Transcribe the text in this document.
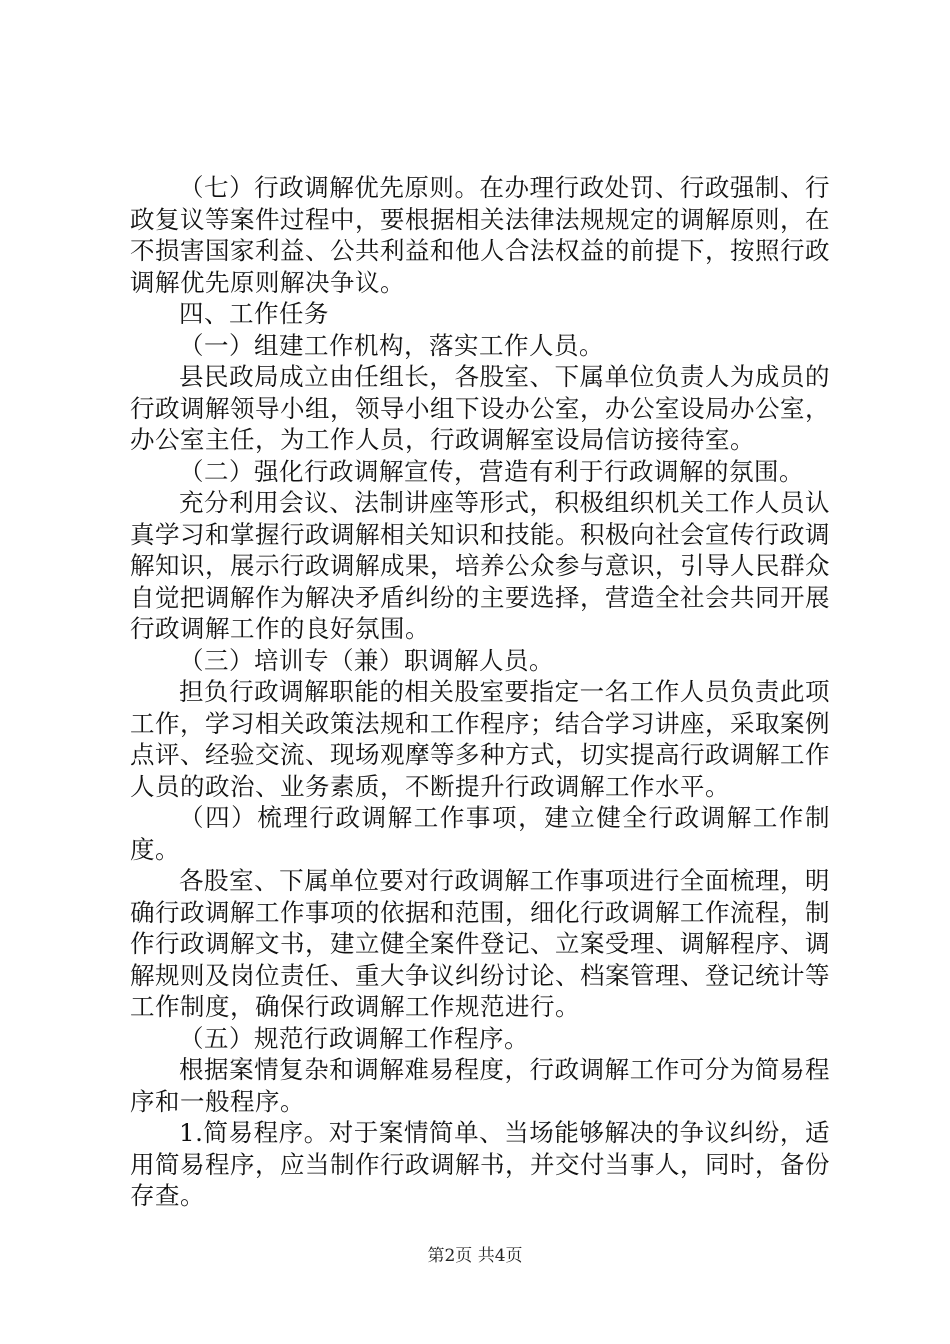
（七）行政调解优先原则。在办理行政处罚、行政强制、行政复议等案件过程中，要根据相关法律法规规定的调解原则，在不损害国家利益、公共利益和他人合法权益的前提下，按照行政调解优先原则解决争议。

四、工作任务

（一）组建工作机构，落实工作人员。

县民政局成立由任组长，各股室、下属单位负责人为成员的行政调解领导小组，领导小组下设办公室，办公室设局办公室，办公室主任，为工作人员，行政调解室设局信访接待室。

（二）强化行政调解宣传，营造有利于行政调解的氛围。

充分利用会议、法制讲座等形式，积极组织机关工作人员认真学习和掌握行政调解相关知识和技能。积极向社会宣传行政调解知识，展示行政调解成果，培养公众参与意识，引导人民群众自觉把调解作为解决矛盾纠纷的主要选择，营造全社会共同开展行政调解工作的良好氛围。

（三）培训专（兼）职调解人员。

担负行政调解职能的相关股室要指定一名工作人员负责此项工作，学习相关政策法规和工作程序；结合学习讲座，采取案例点评、经验交流、现场观摩等多种方式，切实提高行政调解工作人员的政治、业务素质，不断提升行政调解工作水平。

（四）梳理行政调解工作事项，建立健全行政调解工作制度。

各股室、下属单位要对行政调解工作事项进行全面梳理，明确行政调解工作事项的依据和范围，细化行政调解工作流程，制作行政调解文书，建立健全案件登记、立案受理、调解程序、调解规则及岗位责任、重大争议纠纷讨论、档案管理、登记统计等工作制度，确保行政调解工作规范进行。

（五）规范行政调解工作程序。

根据案情复杂和调解难易程度，行政调解工作可分为简易程序和一般程序。

1.简易程序。对于案情简单、当场能够解决的争议纠纷，适用简易程序，应当制作行政调解书，并交付当事人，同时，备份存查。

第2页 共4页
